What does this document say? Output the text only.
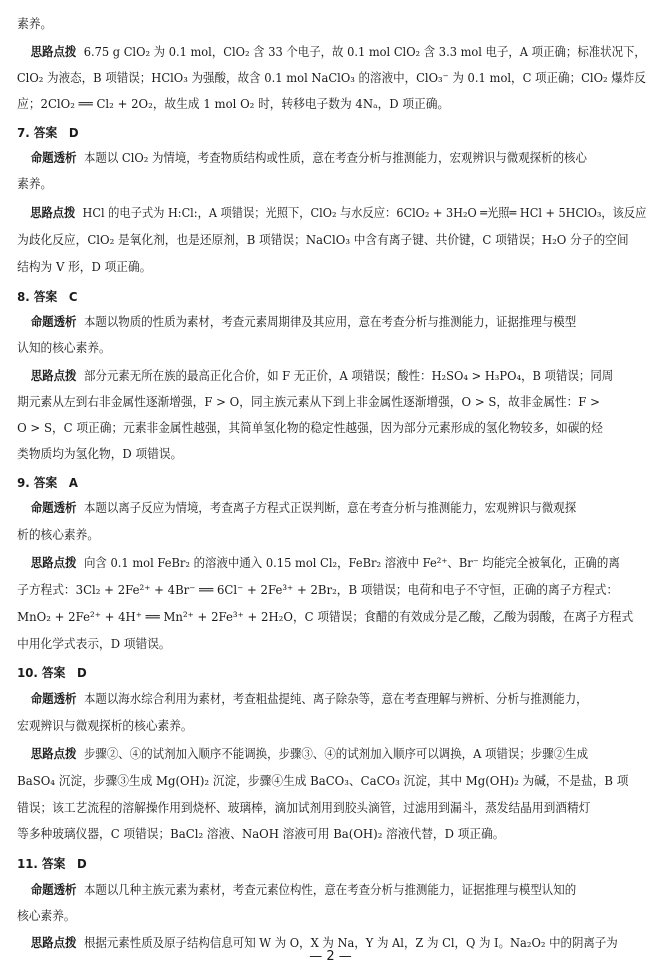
素养。
思路点拨 6.75 g ClO₂ 为 0.1 mol，ClO₂ 含 33 个电子，故 0.1 mol ClO₂ 含 3.3 mol 电子，A 项正确；标准状况下，
ClO₂ 为液态，B 项错误；HClO₃ 为强酸，故含 0.1 mol NaClO₃ 的溶液中，ClO₃⁻ 为 0.1 mol，C 项正确；ClO₂ 爆炸反
应；2ClO₂ ══ Cl₂ + 2O₂，故生成 1 mol O₂ 时，转移电子数为 4Nₐ，D 项正确。
7. 答案　D
命题透析 本题以 ClO₂ 为情境，考查物质结构或性质，意在考查分析与推测能力，宏观辨识与微观探析的核心
素养。
思路点拨 HCl 的电子式为 H:Cl:，A 项错误；光照下，ClO₂ 与水反应：6ClO₂ + 3H₂O ═光照═ HCl + 5HClO₃，该反应
为歧化反应，ClO₂ 是氧化剂，也是还原剂，B 项错误；NaClO₃ 中含有离子键、共价键，C 项错误；H₂O 分子的空间
结构为 V 形，D 项正确。
8. 答案　C
命题透析 本题以物质的性质为素材，考查元素周期律及其应用，意在考查分析与推测能力，证据推理与模型
认知的核心素养。
思路点拨 部分元素无所在族的最高正化合价，如 F 无正价，A 项错误；酸性：H₂SO₄ > H₃PO₄，B 项错误；同周
期元素从左到右非金属性逐渐增强，F > O，同主族元素从下到上非金属性逐渐增强，O > S，故非金属性：F >
O > S，C 项正确；元素非金属性越强，其简单氢化物的稳定性越强，因为部分元素形成的氢化物较多，如碳的烃
类物质均为氢化物，D 项错误。
9. 答案　A
命题透析 本题以离子反应为情境，考查离子方程式正误判断，意在考查分析与推测能力，宏观辨识与微观探
析的核心素养。
思路点拨 向含 0.1 mol FeBr₂ 的溶液中通入 0.15 mol Cl₂，FeBr₂ 溶液中 Fe²⁺、Br⁻ 均能完全被氧化，正确的离
子方程式：3Cl₂ + 2Fe²⁺ + 4Br⁻ ══ 6Cl⁻ + 2Fe³⁺ + 2Br₂，B 项错误；电荷和电子不守恒，正确的离子方程式：
MnO₂ + 2Fe²⁺ + 4H⁺ ══ Mn²⁺ + 2Fe³⁺ + 2H₂O，C 项错误；食醋的有效成分是乙酸，乙酸为弱酸，在离子方程式
中用化学式表示，D 项错误。
10. 答案　D
命题透析 本题以海水综合利用为素材，考查粗盐提纯、离子除杂等，意在考查理解与辨析、分析与推测能力，
宏观辨识与微观探析的核心素养。
思路点拨 步骤②、④的试剂加入顺序不能调换，步骤③、④的试剂加入顺序可以调换，A 项错误；步骤②生成
BaSO₄ 沉淀，步骤③生成 Mg(OH)₂ 沉淀，步骤④生成 BaCO₃、CaCO₃ 沉淀，其中 Mg(OH)₂ 为碱，不是盐，B 项
错误；该工艺流程的溶解操作用到烧杯、玻璃棒，滴加试剂用到胶头滴管，过滤用到漏斗，蒸发结晶用到酒精灯
等多种玻璃仪器，C 项错误；BaCl₂ 溶液、NaOH 溶液可用 Ba(OH)₂ 溶液代替，D 项正确。
11. 答案　D
命题透析 本题以几种主族元素为素材，考查元素位构性，意在考查分析与推测能力，证据推理与模型认知的
核心素养。
思路点拨 根据元素性质及原子结构信息可知 W 为 O，X 为 Na，Y 为 Al，Z 为 Cl，Q 为 I。Na₂O₂ 中的阴离子为
— 2 —
